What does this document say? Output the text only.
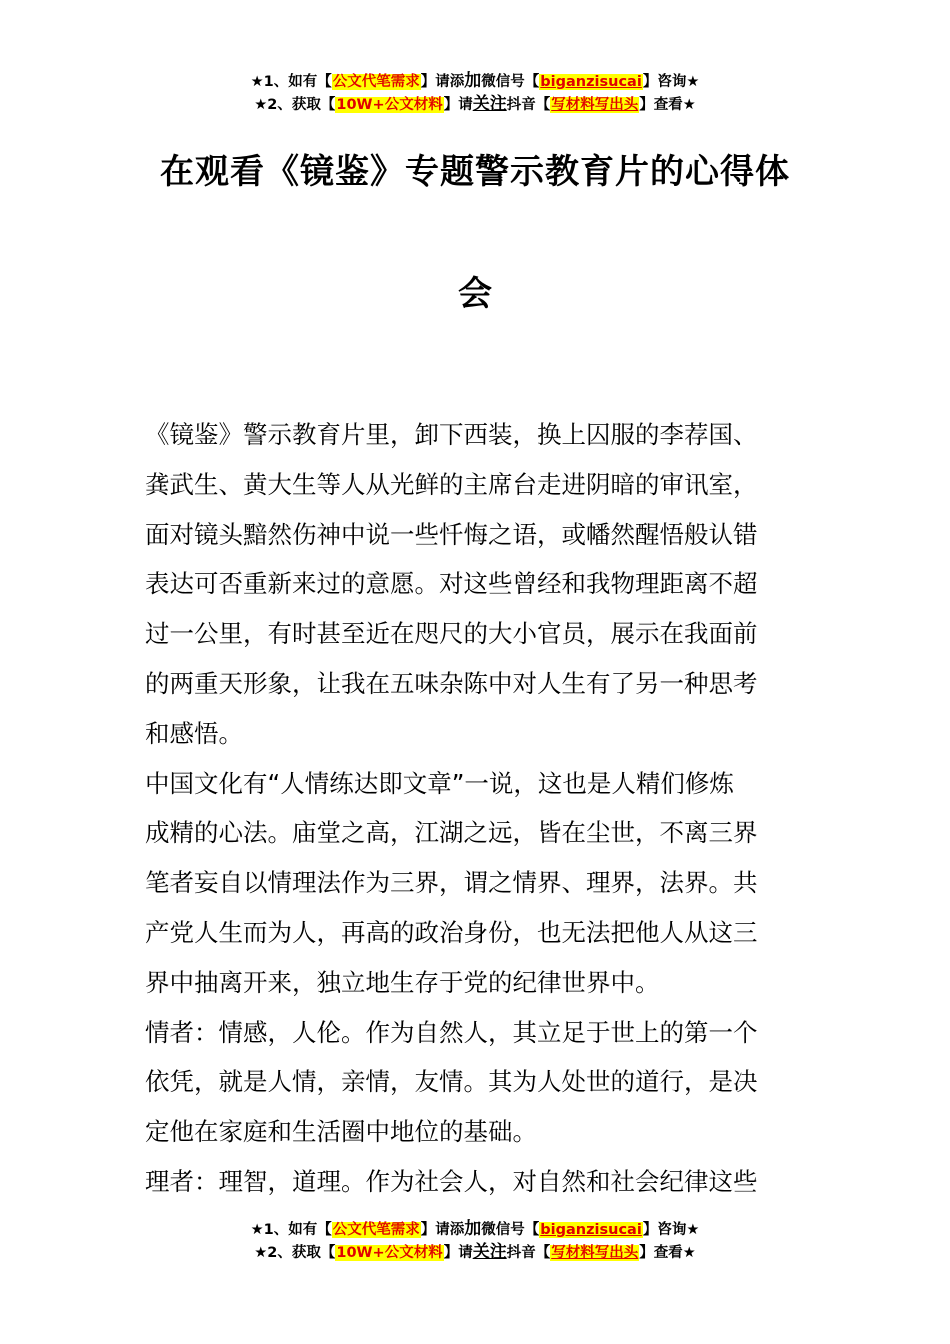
★1、如有【公文代笔需求】请添加微信号【biganzisucai】咨询★
★2、获取【10W+公文材料】请关注抖音【写材料写出头】查看★
在观看《镜鉴》专题警示教育片的心得体
会
《镜鉴》警示教育片里，卸下西装，换上囚服的李荐国、
龚武生、黄大生等人从光鲜的主席台走进阴暗的审讯室，
面对镜头黯然伤神中说一些忏悔之语，或幡然醒悟般认错
表达可否重新来过的意愿。对这些曾经和我物理距离不超
过一公里，有时甚至近在咫尺的大小官员，展示在我面前
的两重天形象，让我在五味杂陈中对人生有了另一种思考
和感悟。
中国文化有“人情练达即文章”一说，这也是人精们修炼
成精的心法。庙堂之高，江湖之远，皆在尘世，不离三界
笔者妄自以情理法作为三界，谓之情界、理界，法界。共
产党人生而为人，再高的政治身份，也无法把他人从这三
界中抽离开来，独立地生存于党的纪律世界中。
情者：情感，人伦。作为自然人，其立足于世上的第一个
依凭，就是人情，亲情，友情。其为人处世的道行，是决
定他在家庭和生活圈中地位的基础。
理者：理智，道理。作为社会人，对自然和社会纪律这些
★1、如有【公文代笔需求】请添加微信号【biganzisucai】咨询★
★2、获取【10W+公文材料】请关注抖音【写材料写出头】查看★
